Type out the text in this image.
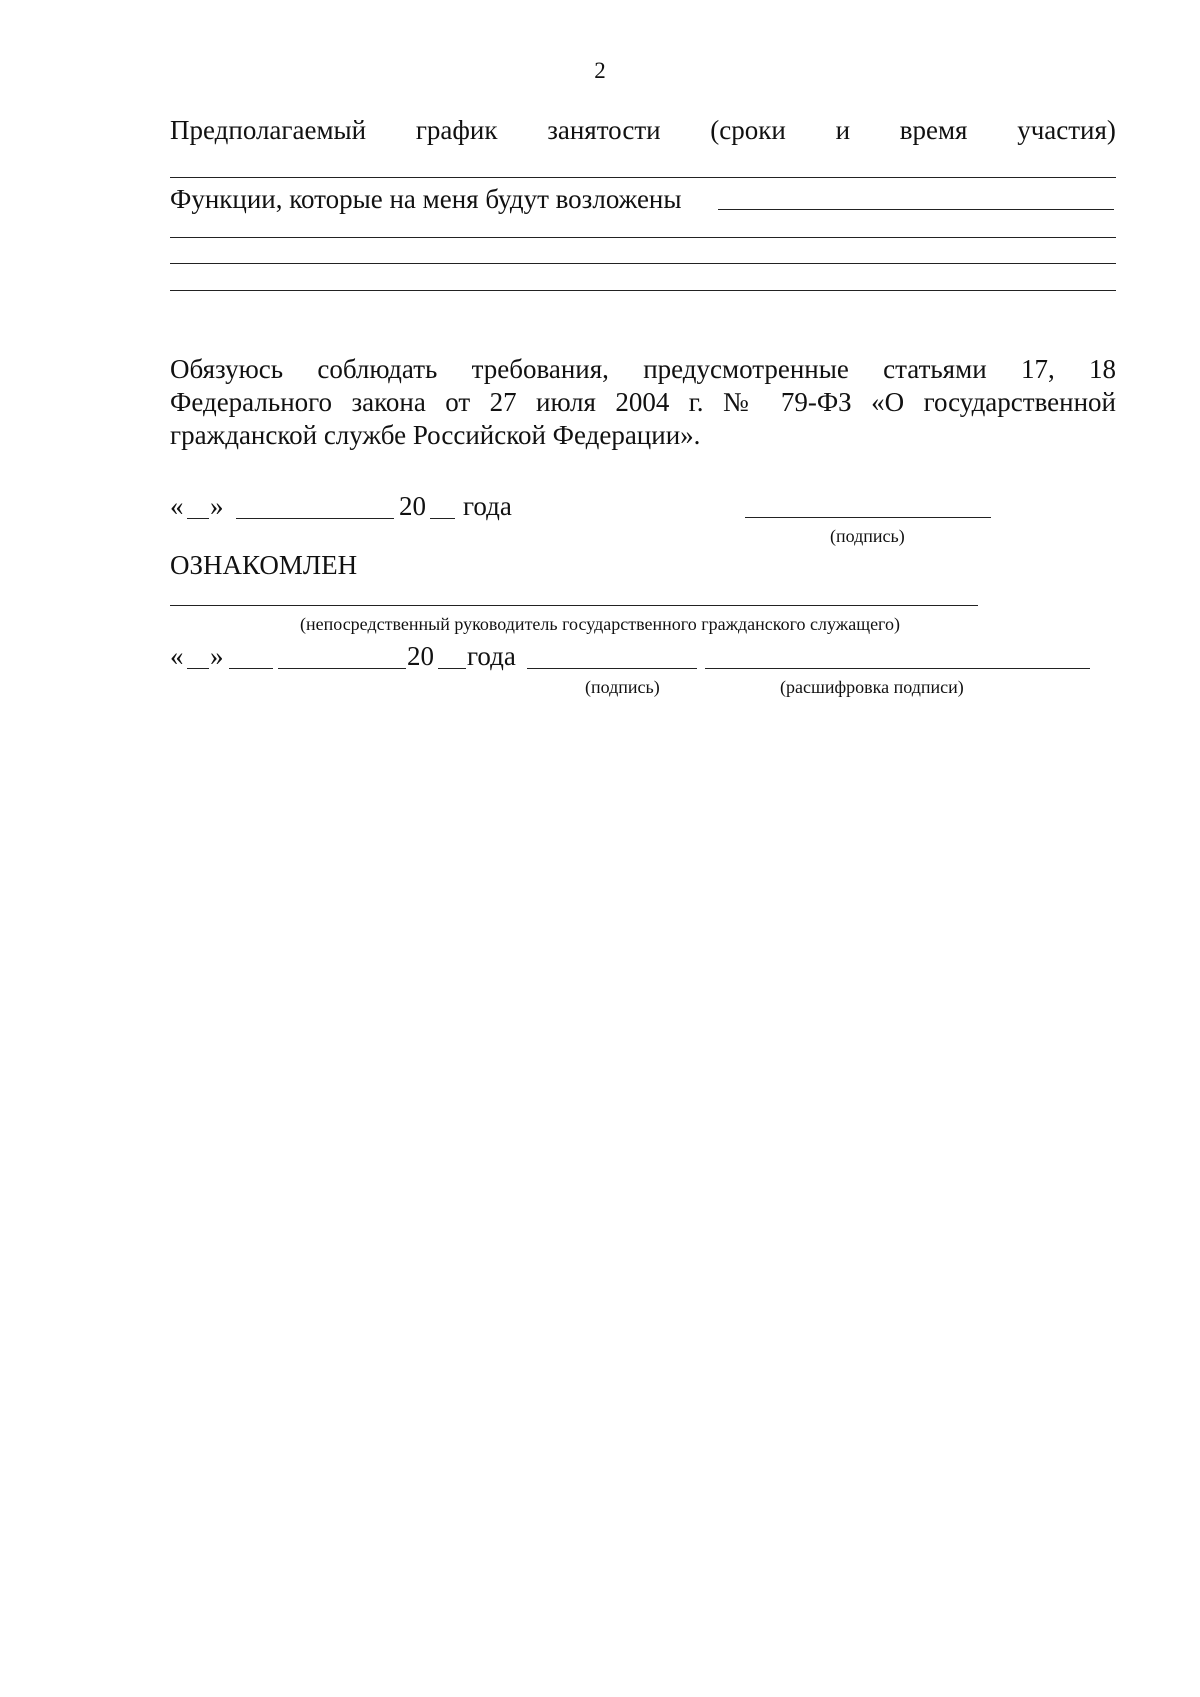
2
Предполагаемый график занятости (сроки и время участия)
Функции, которые на меня будут возложены
Обязуюсь соблюдать требования, предусмотренные статьями 17, 18
Федерального закона от 27 июля 2004 г. № 79-ФЗ «О государственной
гражданской службе Российской Федерации».
« »	20 года
(подпись)
ОЗНАКОМЛЕН
(непосредственный руководитель государственного гражданского служащего)
« »	20 года
(подпись)	(расшифровка подписи)
